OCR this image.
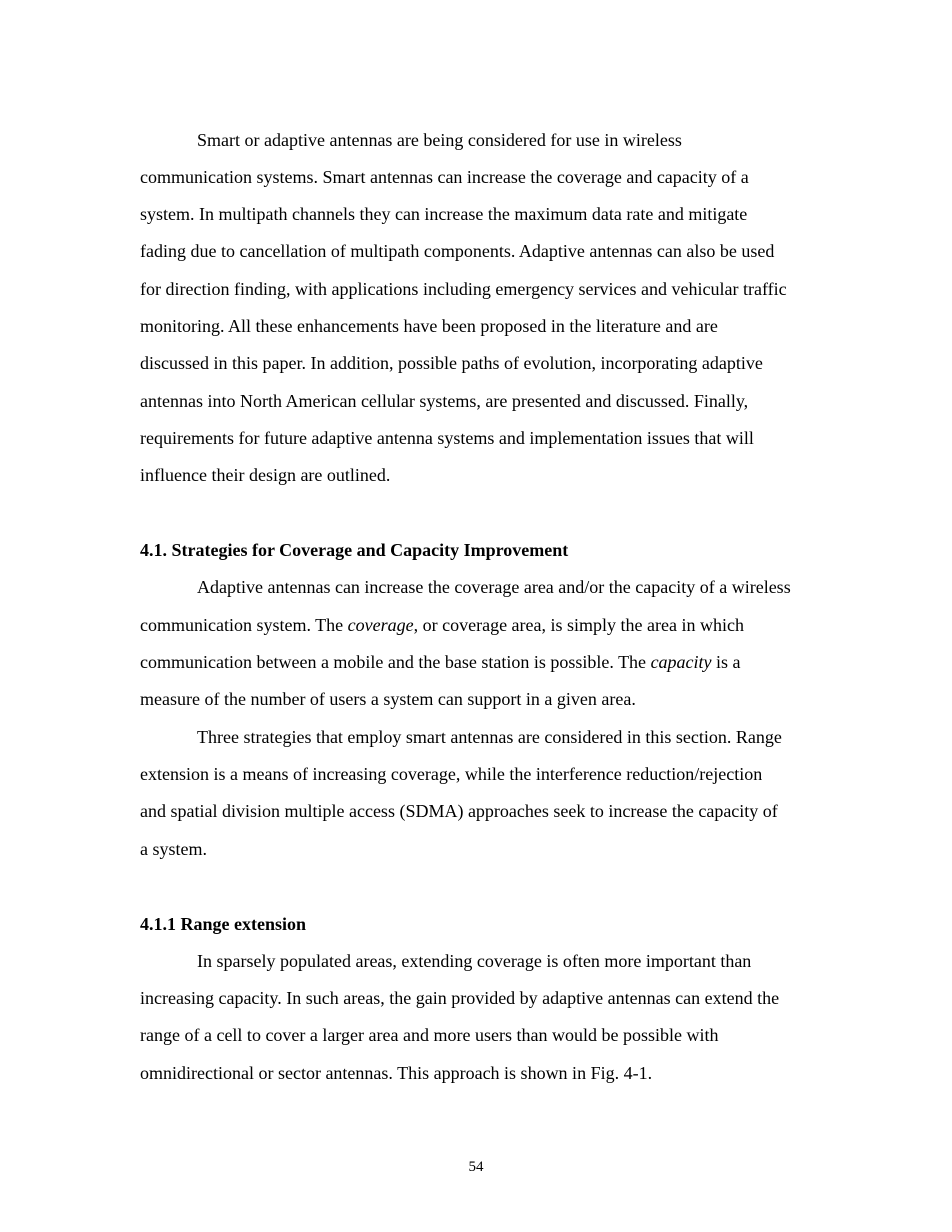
Smart or adaptive antennas are being considered for use in wireless
communication systems. Smart antennas can increase the coverage and capacity of a
system. In multipath channels they can increase the maximum data rate and mitigate
fading due to cancellation of multipath components. Adaptive antennas can also be used
for direction finding, with applications including emergency services and vehicular traffic
monitoring. All these enhancements have been proposed in the literature and are
discussed in this paper. In addition, possible paths of evolution, incorporating adaptive
antennas into North American cellular systems, are presented and discussed. Finally,
requirements for future adaptive antenna systems and implementation issues that will
influence their design are outlined.
4.1. Strategies for Coverage and Capacity Improvement
Adaptive antennas can increase the coverage area and/or the capacity of a wireless
communication system. The coverage, or coverage area, is simply the area in which
communication between a mobile and the base station is possible. The capacity is a
measure of the number of users a system can support in a given area.
Three strategies that employ smart antennas are considered in this section. Range
extension is a means of increasing coverage, while the interference reduction/rejection
and spatial division multiple access (SDMA) approaches seek to increase the capacity of
a system.
4.1.1 Range extension
In sparsely populated areas, extending coverage is often more important than
increasing capacity. In such areas, the gain provided by adaptive antennas can extend the
range of a cell to cover a larger area and more users than would be possible with
omnidirectional or sector antennas. This approach is shown in Fig. 4-1.
54
